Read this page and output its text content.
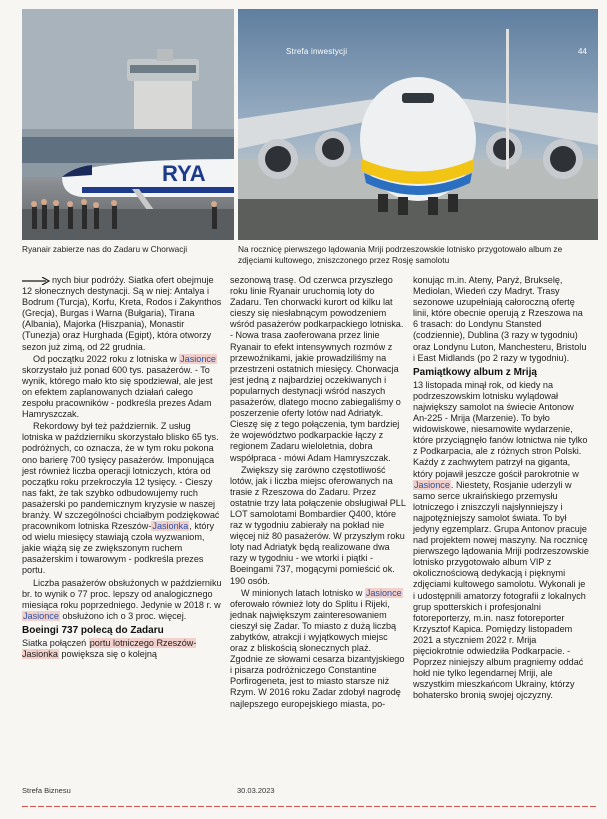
RYA
Strefa inwestycji	44
Ryanair zabierze nas do Zadaru w Chorwacji	Na rocznicę pierwszego lądowania Mriji podrzeszowskie lotnisko przygotowało album ze zdjęciami kultowego, zniszczonego przez Rosję samolotu

nych biur podróży. Siatka ofert obejmuje 12 słonecznych destynacji. Są w niej: Antalya i Bodrum (Turcja), Korfu, Kreta, Rodos i Zakynthos (Grecja), Burgas i Warna (Bułgaria), Tirana (Albania), Majorka (Hiszpania), Monastir (Tunezja) oraz Hurghada (Egipt), która otworzy sezon już zimą, od 22 grudnia.

Od początku 2022 roku z lotniska w Jasionce skorzystało już ponad 600 tys. pasażerów. - To wynik, którego mało kto się spodziewał, ale jest on efektem zaplanowanych działań całego zespołu pracowników - podkreśla prezes Adam Hamryszczak.

Rekordowy był też październik. Z usług lotniska w październiku skorzystało blisko 65 tys. podróżnych, co oznacza, że w tym roku pokona ono barierę 700 tysięcy pasażerów. Imponująca jest również liczba operacji lotniczych, która od początku roku przekroczyła 12 tysięcy. - Cieszy nas fakt, że tak szybko odbudowujemy ruch pasażerski po pandemicznym kryzysie w naszej branży. W szczególności chciałbym podziękować pracownikom lotniska Rzeszów-Jasionka, który od wielu miesięcy stawiają czoła wyzwaniom, jakie wiążą się ze zwiększonym ruchem pasażerskim i towarowym - podkreśla prezes portu.

Liczba pasażerów obsłużonych w październiku br. to wynik o 77 proc. lepszy od analogicznego miesiąca roku poprzedniego. Jedynie w 2018 r. w Jasionce obsłużono ich o 3 proc. więcej.

Boeingi 737 polecą do Zadaru

Siatka połączeń portu lotniczego Rzeszów-Jasionka powiększa się o kolejną

sezonową trasę. Od czerwca przyszłego roku linie Ryanair uruchomią loty do Zadaru. Ten chorwacki kurort od kilku lat cieszy się niesłabnącym powodzeniem wśród pasażerów podkarpackiego lotniska. - Nowa trasa zaoferowana przez linie Ryanair to efekt intensywnych rozmów z przewoźnikami, jakie prowadziliśmy na przestrzeni ostatnich miesięcy. Chorwacja jest jedną z najbardziej oczekiwanych i popularnych destynacji wśród naszych pasażerów, dlatego mocno zabiegaliśmy o poszerzenie oferty lotów nad Adriatyk. Cieszę się z tego połączenia, tym bardziej że województwo podkarpackie łączy z regionem Zadaru wieloletnia, dobra współpraca - mówi Adam Hamryszczak.

Zwiększy się zarówno częstotliwość lotów, jak i liczba miejsc oferowanych na trasie z Rzeszowa do Zadaru. Przez ostatnie trzy lata połączenie obsługiwał PLL LOT samolotami Bombardier Q400, które raz w tygodniu zabierały na pokład nie więcej niż 80 pasażerów. W przyszłym roku loty nad Adriatyk będą realizowane dwa razy w tygodniu - we wtorki i piątki - Boeingami 737, mogącymi pomieścić ok. 190 osób.

W minionych latach lotnisko w Jasionce oferowało również loty do Splitu i Rijeki, jednak największym zainteresowaniem cieszył się Zadar. To miasto z dużą liczbą zabytków, atrakcji i wyjątkowych miejsc oraz z bliskością słonecznych plaż. Zgodnie ze słowami cesarza bizantyjskiego i pisarza podróżniczego Constantine Porfirogeneta, jest to miasto starsze niż Rzym. W 2016 roku Zadar zdobył nagrodę najlepszego europejskiego miasta, po-

konując m.in. Ateny, Paryż, Brukselę, Mediolan, Wiedeń czy Madryt. Trasy sezonowe uzupełniają całoroczną ofertę linii, które obecnie operują z Rzeszowa na 6 trasach: do Londynu Stansted (codziennie), Dublina (3 razy w tygodniu) oraz Londynu Luton, Manchesteru, Bristolu i East Midlands (po 2 razy w tygodniu).

Pamiątkowy album z Mriją

13 listopada minął rok, od kiedy na podrzeszowskim lotnisku wylądował największy samolot na świecie Antonow An-225 - Mrija (Marzenie). To było widowiskowe, niesamowite wydarzenie, które przyciągnęło fanów lotnictwa nie tylko z Podkarpacia, ale z różnych stron Polski. Każdy z zachwytem patrzył na giganta, który pojawił jeszcze gościł parokrotnie w Jasionce. Niestety, Rosjanie uderzyli w samo serce ukraińskiego przemysłu lotniczego i zniszczyli najsłynniejszy i najpotężniejszy samolot świata. To był jedyny egzemplarz. Grupa Antonov pracuje nad projektem nowej maszyny. Na rocznicę pierwszego lądowania Mriji podrzeszowskie lotnisko przygotowało album VIP z okolicznościową dedykacją i pięknymi zdjęciami kultowego samolotu. Wykonali je i udostępnili amatorzy fotografii z lokalnych grup spotterskich i profesjonalni fotoreporterzy, m.in. nasz fotoreporter Krzysztof Kapica. Pomiędzy listopadem 2021 a styczniem 2022 r. Mrija pięciokrotnie odwiedziła Podkarpacie. - Poprzez niniejszy album pragniemy oddać hołd nie tylko legendarnej Mriji, ale wszystkim mieszkańcom Ukrainy, którzy bohatersko bronią swojej ojczyzny.

Strefa Biznesu	30.03.2023
